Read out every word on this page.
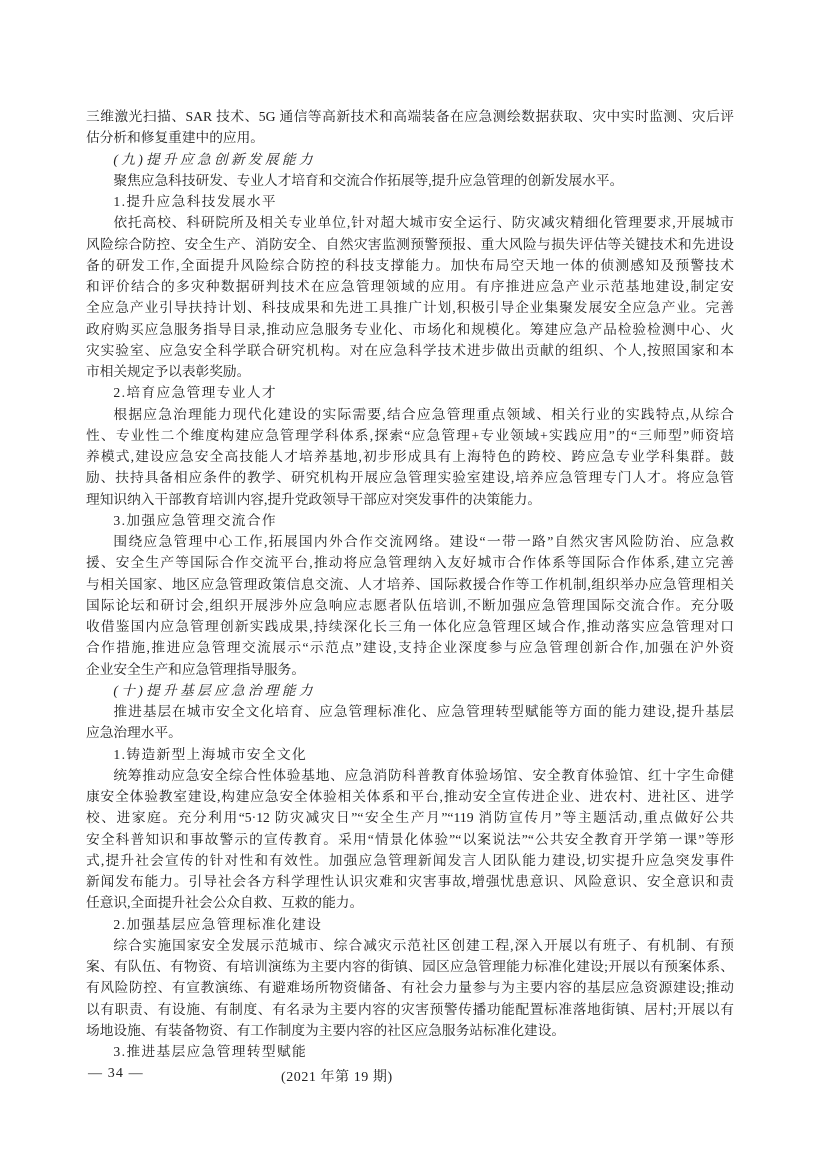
三维激光扫描、SAR 技术、5G 通信等高新技术和高端装备在应急测绘数据获取、灾中实时监测、灾后评
估分析和修复重建中的应用。
(九)提升应急创新发展能力
聚焦应急科技研发、专业人才培育和交流合作拓展等,提升应急管理的创新发展水平。
1.提升应急科技发展水平
依托高校、科研院所及相关专业单位,针对超大城市安全运行、防灾减灾精细化管理要求,开展城市
风险综合防控、安全生产、消防安全、自然灾害监测预警预报、重大风险与损失评估等关键技术和先进设
备的研发工作,全面提升风险综合防控的科技支撑能力。加快布局空天地一体的侦测感知及预警技术
和评价结合的多灾种数据研判技术在应急管理领域的应用。有序推进应急产业示范基地建设,制定安
全应急产业引导扶持计划、科技成果和先进工具推广计划,积极引导企业集聚发展安全应急产业。完善
政府购买应急服务指导目录,推动应急服务专业化、市场化和规模化。筹建应急产品检验检测中心、火
灾实验室、应急安全科学联合研究机构。对在应急科学技术进步做出贡献的组织、个人,按照国家和本
市相关规定予以表彰奖励。
2.培育应急管理专业人才
根据应急治理能力现代化建设的实际需要,结合应急管理重点领域、相关行业的实践特点,从综合
性、专业性二个维度构建应急管理学科体系,探索“应急管理+专业领域+实践应用”的“三师型”师资培
养模式,建设应急安全高技能人才培养基地,初步形成具有上海特色的跨校、跨应急专业学科集群。鼓
励、扶持具备相应条件的教学、研究机构开展应急管理实验室建设,培养应急管理专门人才。将应急管
理知识纳入干部教育培训内容,提升党政领导干部应对突发事件的决策能力。
3.加强应急管理交流合作
围绕应急管理中心工作,拓展国内外合作交流网络。建设“一带一路”自然灾害风险防治、应急救
援、安全生产等国际合作交流平台,推动将应急管理纳入友好城市合作体系等国际合作体系,建立完善
与相关国家、地区应急管理政策信息交流、人才培养、国际救援合作等工作机制,组织举办应急管理相关
国际论坛和研讨会,组织开展涉外应急响应志愿者队伍培训,不断加强应急管理国际交流合作。充分吸
收借鉴国内应急管理创新实践成果,持续深化长三角一体化应急管理区域合作,推动落实应急管理对口
合作措施,推进应急管理交流展示“示范点”建设,支持企业深度参与应急管理创新合作,加强在沪外资
企业安全生产和应急管理指导服务。
(十)提升基层应急治理能力
推进基层在城市安全文化培育、应急管理标准化、应急管理转型赋能等方面的能力建设,提升基层
应急治理水平。
1.铸造新型上海城市安全文化
统筹推动应急安全综合性体验基地、应急消防科普教育体验场馆、安全教育体验馆、红十字生命健
康安全体验教室建设,构建应急安全体验相关体系和平台,推动安全宣传进企业、进农村、进社区、进学
校、进家庭。充分利用“5·12 防灾减灾日”“安全生产月”“119 消防宣传月”等主题活动,重点做好公共
安全科普知识和事故警示的宣传教育。采用“情景化体验”“以案说法”“公共安全教育开学第一课”等形
式,提升社会宣传的针对性和有效性。加强应急管理新闻发言人团队能力建设,切实提升应急突发事件
新闻发布能力。引导社会各方科学理性认识灾难和灾害事故,增强忧患意识、风险意识、安全意识和责
任意识,全面提升社会公众自救、互救的能力。
2.加强基层应急管理标准化建设
综合实施国家安全发展示范城市、综合减灾示范社区创建工程,深入开展以有班子、有机制、有预
案、有队伍、有物资、有培训演练为主要内容的街镇、园区应急管理能力标准化建设;开展以有预案体系、
有风险防控、有宣教演练、有避难场所物资储备、有社会力量参与为主要内容的基层应急资源建设;推动
以有职责、有设施、有制度、有名录为主要内容的灾害预警传播功能配置标准落地街镇、居村;开展以有
场地设施、有装备物资、有工作制度为主要内容的社区应急服务站标准化建设。
3.推进基层应急管理转型赋能
— 34 —	(2021 年第 19 期)
